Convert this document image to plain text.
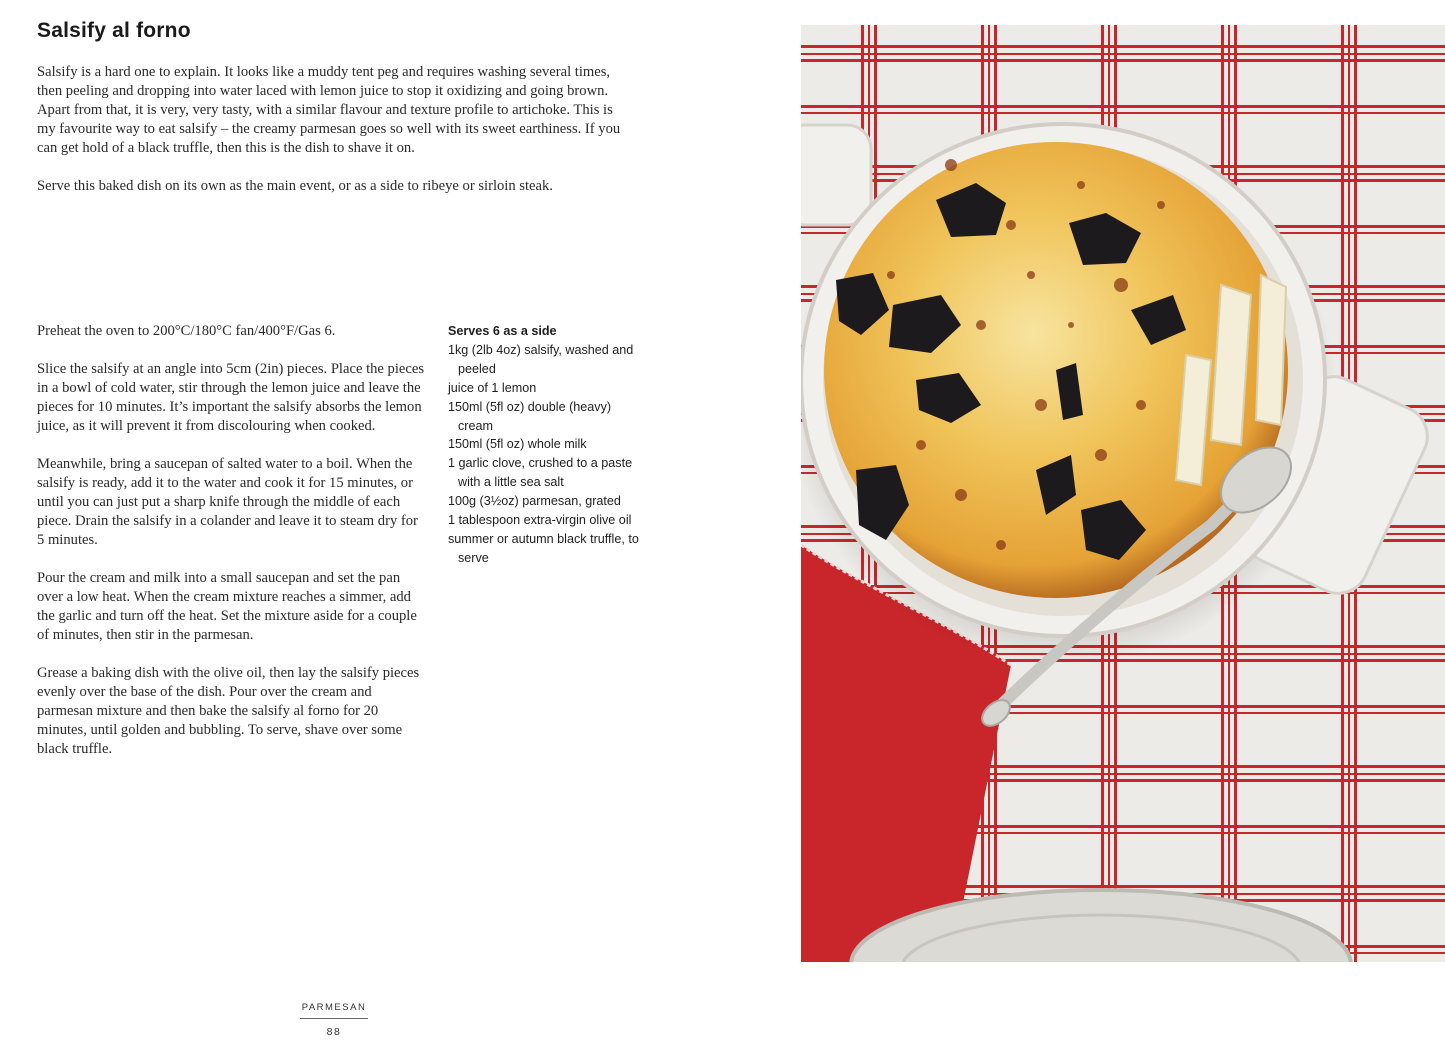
Salsify al forno

Salsify is a hard one to explain. It looks like a muddy tent peg and requires washing several times, then peeling and dropping into water laced with lemon juice to stop it oxidizing and going brown. Apart from that, it is very, very tasty, with a similar flavour and texture profile to artichoke. This is my favourite way to eat salsify – the creamy parmesan goes so well with its sweet earthiness. If you can get hold of a black truffle, then this is the dish to shave it on.

Serve this baked dish on its own as the main event, or as a side to ribeye or sirloin steak.

Preheat the oven to 200°C/180°C fan/400°F/Gas 6.

Slice the salsify at an angle into 5cm (2in) pieces. Place the pieces in a bowl of cold water, stir through the lemon juice and leave the pieces for 10 minutes. It’s important the salsify absorbs the lemon juice, as it will prevent it from discolouring when cooked.

Meanwhile, bring a saucepan of salted water to a boil. When the salsify is ready, add it to the water and cook it for 15 minutes, or until you can just put a sharp knife through the middle of each piece. Drain the salsify in a colander and leave it to steam dry for 5 minutes.

Pour the cream and milk into a small saucepan and set the pan over a low heat. When the cream mixture reaches a simmer, add the garlic and turn off the heat. Set the mixture aside for a couple of minutes, then stir in the parmesan.

Grease a baking dish with the olive oil, then lay the salsify pieces evenly over the base of the dish. Pour over the cream and parmesan mixture and then bake the salsify al forno for 20 minutes, until golden and bubbling. To serve, shave over some black truffle.

Serves 6 as a side
1kg (2lb 4oz) salsify, washed and peeled
juice of 1 lemon
150ml (5fl oz) double (heavy) cream
150ml (5fl oz) whole milk
1 garlic clove, crushed to a paste with a little sea salt
100g (3½oz) parmesan, grated
1 tablespoon extra-virgin olive oil
summer or autumn black truffle, to serve
PARMESAN
88
